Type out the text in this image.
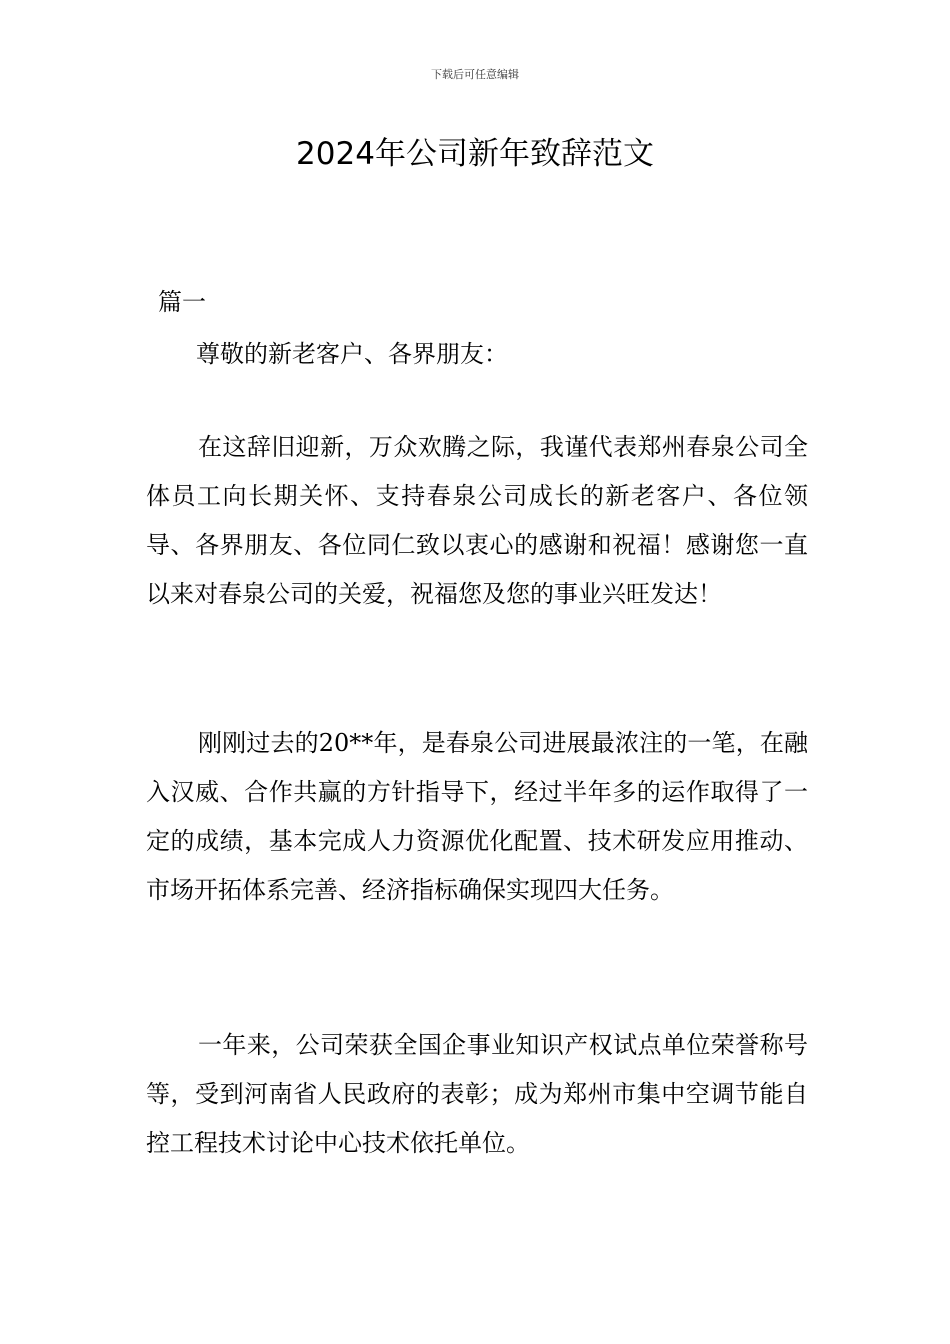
下载后可任意编辑
2024年公司新年致辞范文
篇一
尊敬的新老客户、各界朋友：

在这辞旧迎新，万众欢腾之际，我谨代表郑州春泉公司全体员工向长期关怀、支持春泉公司成长的新老客户、各位领导、各界朋友、各位同仁致以衷心的感谢和祝福！感谢您一直以来对春泉公司的关爱，祝福您及您的事业兴旺发达！

刚刚过去的20**年，是春泉公司进展最浓注的一笔，在融入汉威、合作共赢的方针指导下，经过半年多的运作取得了一定的成绩，基本完成人力资源优化配置、技术研发应用推动、市场开拓体系完善、经济指标确保实现四大任务。

一年来，公司荣获全国企事业知识产权试点单位荣誉称号等，受到河南省人民政府的表彰；成为郑州市集中空调节能自控工程技术讨论中心技术依托单位。
